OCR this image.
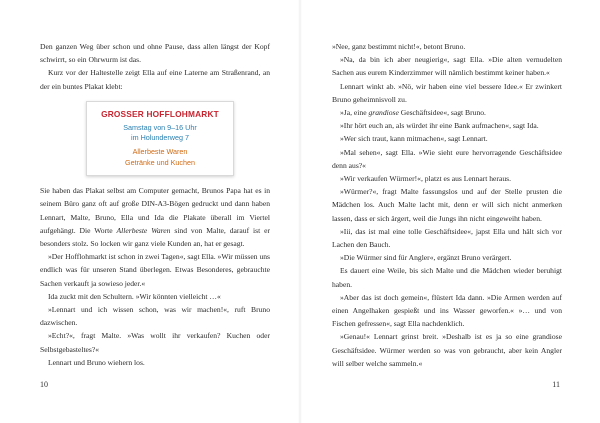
Den ganzen Weg über schon und ohne Pause, dass allen längst der Kopf schwirrt, so ein Ohrwurm ist das.

Kurz vor der Haltestelle zeigt Ella auf eine Laterne am Straßenrand, an der ein buntes Plakat klebt:

GROSSER HOFFLOHMARKT
Samstag von 9–16 Uhr
im Holunderweg 7
Allerbeste Waren
Getränke und Kuchen

Sie haben das Plakat selbst am Computer gemacht, Brunos Papa hat es in seinem Büro ganz oft auf große DIN-A3-Bögen gedruckt und dann haben Lennart, Malte, Bruno, Ella und Ida die Plakate überall im Viertel aufgehängt. Die Worte Allerbeste Waren sind von Malte, darauf ist er besonders stolz. So locken wir ganz viele Kunden an, hat er gesagt.

»Der Hofflohmarkt ist schon in zwei Tagen«, sagt Ella. »Wir müssen uns endlich was für unseren Stand überlegen. Etwas Besonderes, gebrauchte Sachen verkauft ja sowieso jeder.«

Ida zuckt mit den Schultern. »Wir könnten vielleicht …«

»Lennart und ich wissen schon, was wir machen!«, ruft Bruno dazwischen.

»Echt?«, fragt Malte. »Was wollt ihr verkaufen? Kuchen oder Selbstgebasteltes?«

Lennart und Bruno wiehern los.

10

»Nee, ganz bestimmt nicht!«, betont Bruno.

»Na, da bin ich aber neugierig«, sagt Ella. »Die alten vernudelten Sachen aus eurem Kinderzimmer will nämlich bestimmt keiner haben.«

Lennart winkt ab. »Nö, wir haben eine viel bessere Idee.« Er zwinkert Bruno geheimnisvoll zu.

»Ja, eine grandiose Geschäftsidee«, sagt Bruno.

»Ihr hört euch an, als würdet ihr eine Bank aufmachen«, sagt Ida.

»Wer sich traut, kann mitmachen«, sagt Lennart.

»Mal sehen«, sagt Ella. »Wie sieht eure hervorragende Geschäftsidee denn aus?«

»Wir verkaufen Würmer!«, platzt es aus Lennart heraus.

»Würmer?«, fragt Malte fassungslos und auf der Stelle prusten die Mädchen los. Auch Malte lacht mit, denn er will sich nicht anmerken lassen, dass er sich ärgert, weil die Jungs ihn nicht eingeweiht haben.

»Iii, das ist mal eine tolle Geschäftsidee«, japst Ella und hält sich vor Lachen den Bauch.

»Die Würmer sind für Angler«, ergänzt Bruno verärgert.

Es dauert eine Weile, bis sich Malte und die Mädchen wieder beruhigt haben.

»Aber das ist doch gemein«, flüstert Ida dann. »Die Armen werden auf einen Angelhaken gespießt und ins Wasser geworfen.« »… und von Fischen gefressen«, sagt Ella nachdenklich.

»Genau!« Lennart grinst breit. »Deshalb ist es ja so eine grandiose Geschäftsidee. Würmer werden so was von gebraucht, aber kein Angler will selber welche sammeln.«

11
